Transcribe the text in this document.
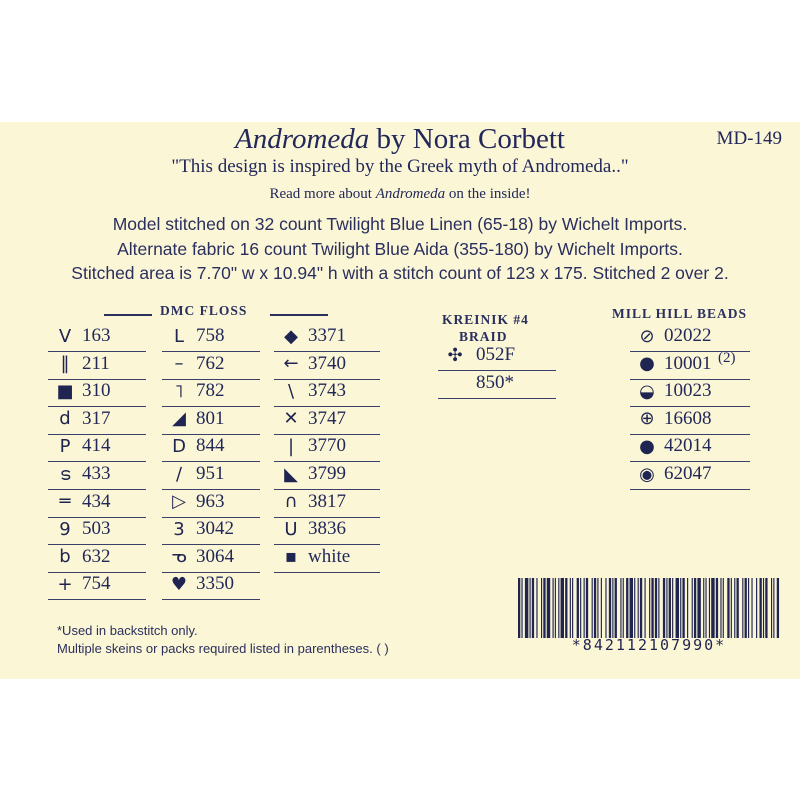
Andromeda by Nora Corbett	MD-149
"This design is inspired by the Greek myth of Andromeda.."
Read more about Andromeda on the inside!
Model stitched on 32 count Twilight Blue Linen (65-18) by Wichelt Imports.
Alternate fabric 16 count Twilight Blue Aida (355-180) by Wichelt Imports.
Stitched area is 7.70" w x 10.94" h with a stitch count of 123 x 175. Stitched 2 over 2.
DMC FLOSS
V 163
‖ 211
■ 310
d 317
P 414
ട 433
═ 434
9 503
b 632
+ 754
L 758
– 762
˥ 782
◢ 801
D 844
∕ 951
▷ 963
3 3042
ᓀ 3064
♥ 3350
◆ 3371
← 3740
\ 3743
✕ 3747
| 3770
◣ 3799
∩ 3817
U 3836
▪ white
KREINIK #4
BRAID
✣ 052F
850*
MILL HILL BEADS
⊘ 02022
● 10001 (2)
◒ 10023
⊕ 16608
● 42014
◉ 62047
*Used in backstitch only.
Multiple skeins or packs required listed in parentheses. ( )	*842112107990*
